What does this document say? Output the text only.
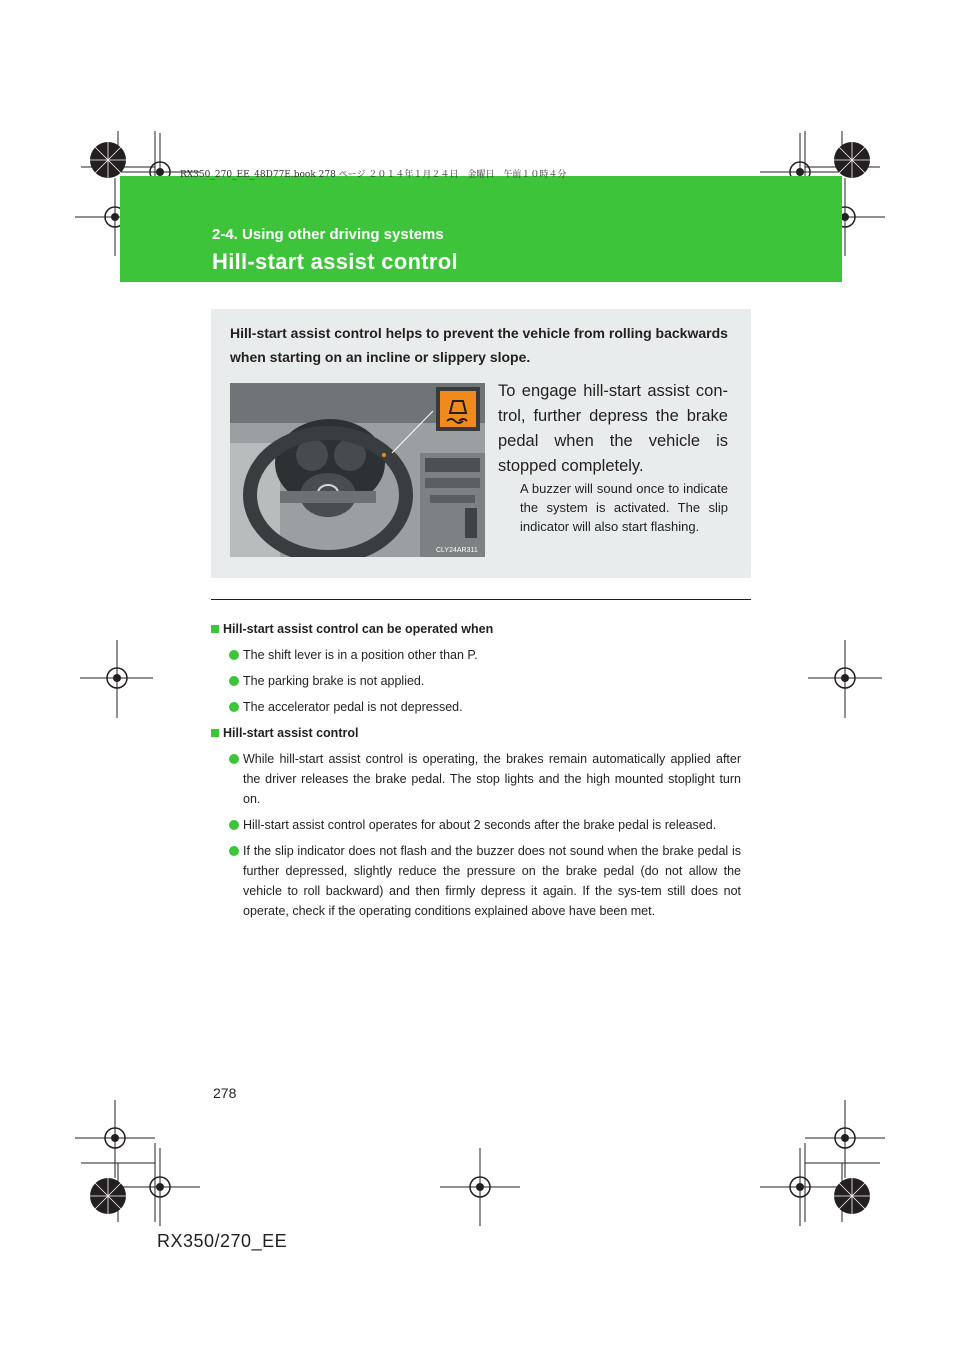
RX350_270_EE_48D77E.book 278 ページ ２０１４年１月２４日　金曜日　午前１０時４分
2-4. Using other driving systems
Hill-start assist control
Hill-start assist control helps to prevent the vehicle from rolling backwards when starting on an incline or slippery slope.
CLY24AR311
To engage hill-start assist con-trol, further depress the brake pedal when the vehicle is stopped completely.
A buzzer will sound once to indicate the system is activated. The slip indicator will also start flashing.
Hill-start assist control can be operated when
The shift lever is in a position other than P.
The parking brake is not applied.
The accelerator pedal is not depressed.
Hill-start assist control
While hill-start assist control is operating, the brakes remain automatically applied after the driver releases the brake pedal. The stop lights and the high mounted stoplight turn on.
Hill-start assist control operates for about 2 seconds after the brake pedal is released.
If the slip indicator does not flash and the buzzer does not sound when the brake pedal is further depressed, slightly reduce the pressure on the brake pedal (do not allow the vehicle to roll backward) and then firmly depress it again. If the sys-tem still does not operate, check if the operating conditions explained above have been met.
278
RX350/270_EE
